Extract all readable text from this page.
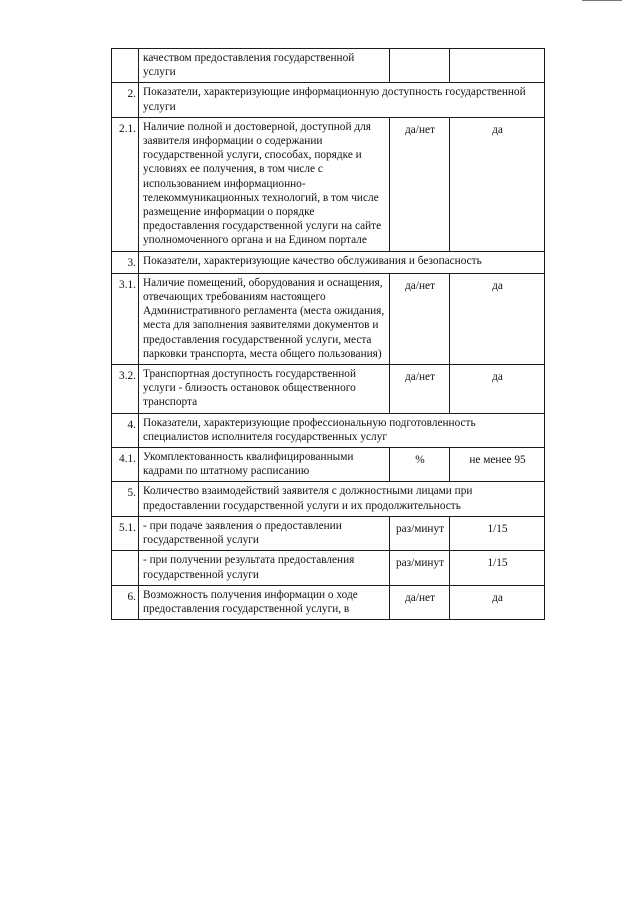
	качеством предоставления государственной услуги		
2.	Показатели, характеризующие информационную доступность государственной услуги		
2.1.	Наличие полной и достоверной, доступной для заявителя информации о содержании государственной услуги, способах, порядке и условиях ее получения, в том числе с использованием информационно-телекоммуникационных технологий, в том числе размещение информации о порядке предоставления государственной услуги на сайте уполномоченного органа и на Едином портале	да/нет	да
3.	Показатели, характеризующие качество обслуживания и безопасность		
3.1.	Наличие помещений, оборудования и оснащения, отвечающих требованиям настоящего Административного регламента (места ожидания, места для заполнения заявителями документов и предоставления государственной услуги, места парковки транспорта, места общего пользования)	да/нет	да
3.2.	Транспортная доступность государственной услуги - близость остановок общественного транспорта	да/нет	да
4.	Показатели, характеризующие профессиональную подготовленность специалистов исполнителя государственных услуг		
4.1.	Укомплектованность квалифицированными кадрами по штатному расписанию	%	не менее 95
5.	Количество взаимодействий заявителя с должностными лицами при предоставлении государственной услуги и их продолжительность		
5.1.	- при подаче заявления о предоставлении государственной услуги	раз/минут	1/15
	- при получении результата предоставления государственной услуги	раз/минут	1/15
6.	Возможность получения информации о ходе предоставления государственной услуги, в	да/нет	да
